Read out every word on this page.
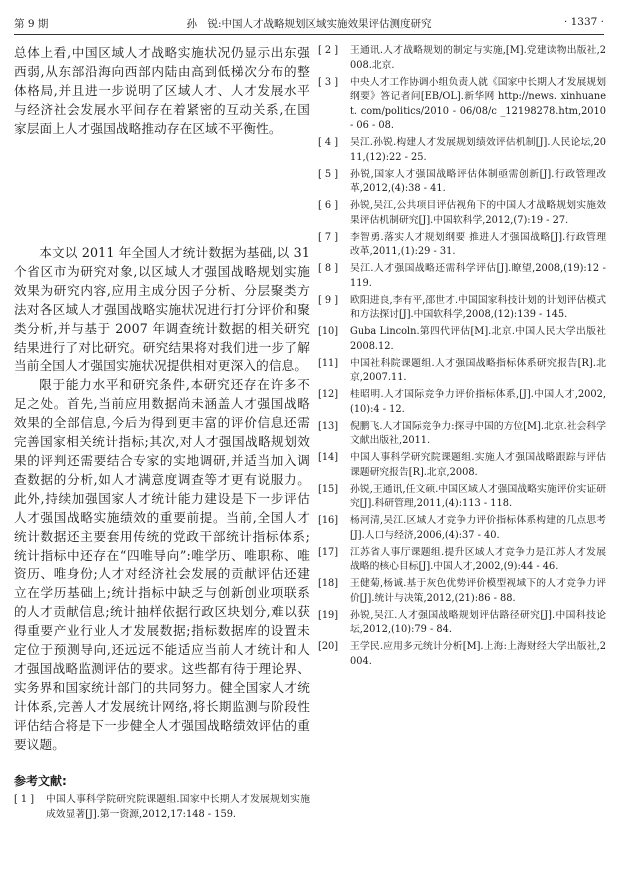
第 9 期	孙　锐:中国人才战略规划区域实施效果评估测度研究	· 1337 ·

总体上看,中国区域人才战略实施状况仍显示出东强西弱,从东部沿海向西部内陆由高到低梯次分布的整体格局,并且进一步说明了区域人才、人才发展水平与经济社会发展水平间存在着紧密的互动关系,在国家层面上人才强国战略推动存在区域不平衡性。

本文以 2011 年全国人才统计数据为基础,以 31 个省区市为研究对象,以区域人才强国战略规划实施效果为研究内容,应用主成分因子分析、分层聚类方法对各区域人才强国战略实施状况进行打分评价和聚类分析,并与基于 2007 年调查统计数据的相关研究结果进行了对比研究。研究结果将对我们进一步了解当前全国人才强国实施状况提供相对更深入的信息。

限于能力水平和研究条件,本研究还存在许多不足之处。首先,当前应用数据尚未涵盖人才强国战略效果的全部信息,今后为得到更丰富的评价信息还需完善国家相关统计指标;其次,对人才强国战略规划效果的评判还需要结合专家的实地调研,并适当加入调查数据的分析,如人才满意度调查等才更有说服力。此外,持续加强国家人才统计能力建设是下一步评估人才强国战略实施绩效的重要前提。当前,全国人才统计数据还主要套用传统的党政干部统计指标体系;统计指标中还存在“四唯导向”:唯学历、唯职称、唯资历、唯身份;人才对经济社会发展的贡献评估还建立在学历基础上;统计指标中缺乏与创新创业项联系的人才贡献信息;统计抽样依据行政区块划分,难以获得重要产业行业人才发展数据;指标数据库的设置未定位于预测导向,还远远不能适应当前人才统计和人才强国战略监测评估的要求。这些都有待于理论界、实务界和国家统计部门的共同努力。健全国家人才统计体系,完善人才发展统计网络,将长期监测与阶段性评估结合将是下一步健全人才强国战略绩效评估的重要议题。

参考文献:
[ 1 ]	中国人事科学院研究院课题组.国家中长期人才发展规划实施成效显著[J].第一资源,2012,17:148 - 159.
[ 2 ]	王通讯.人才战略规划的制定与实施,[M].党建读物出版社,2008.北京.
[ 3 ]	中央人才工作协调小组负责人就《国家中长期人才发展规划纲要》答记者问[EB/OL].新华网 http://news. xinhuanet. com/politics/2010 - 06/08/c _12198278.htm,2010 - 06 - 08.
[ 4 ]	吴江.孙锐.构建人才发展规划绩效评估机制[J].人民论坛,2011,(12):22 - 25.
[ 5 ]	孙锐,国家人才强国战略评估体制亟需创新[J].行政管理改革,2012,(4):38 - 41.
[ 6 ]	孙锐,吴江,公共项目评估视角下的中国人才战略规划实施效果评估机制研究[J].中国软科学,2012,(7):19 - 27.
[ 7 ]	李智勇.落实人才规划纲要 推进人才强国战略[J].行政管理改革,2011,(1):29 - 31.
[ 8 ]	吴江.人才强国战略还需科学评估[J].瞭望,2008,(19):12 - 119.
[ 9 ]	欧阳进良,李有平,邵世才.中国国家科技计划的计划评估模式和方法探讨[J].中国软科学,2008,(12):139 - 145.
[10]	Guba Lincoln.第四代评估[M].北京.中国人民大学出版社 2008.12.
[11]	中国社科院课题组.人才强国战略指标体系研究报告[R].北京,2007.11.
[12]	桂昭明.人才国际竞争力评价指标体系,[J].中国人才,2002,(10):4 - 12.
[13]	倪鹏飞.人才国际竞争力:探寻中国的方位[M].北京.社会科学文献出版社,2011.
[14]	中国人事科学研究院课题组.实施人才强国战略跟踪与评估课题研究报告[R].北京,2008.
[15]	孙锐,王通讯,任文硕.中国区域人才强国战略实施评价实证研究[J].科研管理,2011,(4):113 - 118.
[16]	杨河清,吴江.区域人才竞争力评价指标体系构建的几点思考[J].人口与经济,2006,(4):37 - 40.
[17]	江苏省人事厅课题组.提升区域人才竞争力是江苏人才发展战略的核心目标[J].中国人才,2002,(9):44 - 46.
[18]	王健菊,杨诚.基于灰色优势评价模型视域下的人才竞争力评价[J].统计与决策,2012,(21):86 - 88.
[19]	孙锐,吴江.人才强国战略规划评估路径研究[J].中国科技论坛,2012,(10):79 - 84.
[20]	王学民.应用多元统计分析[M].上海:上海财经大学出版社,2004.
